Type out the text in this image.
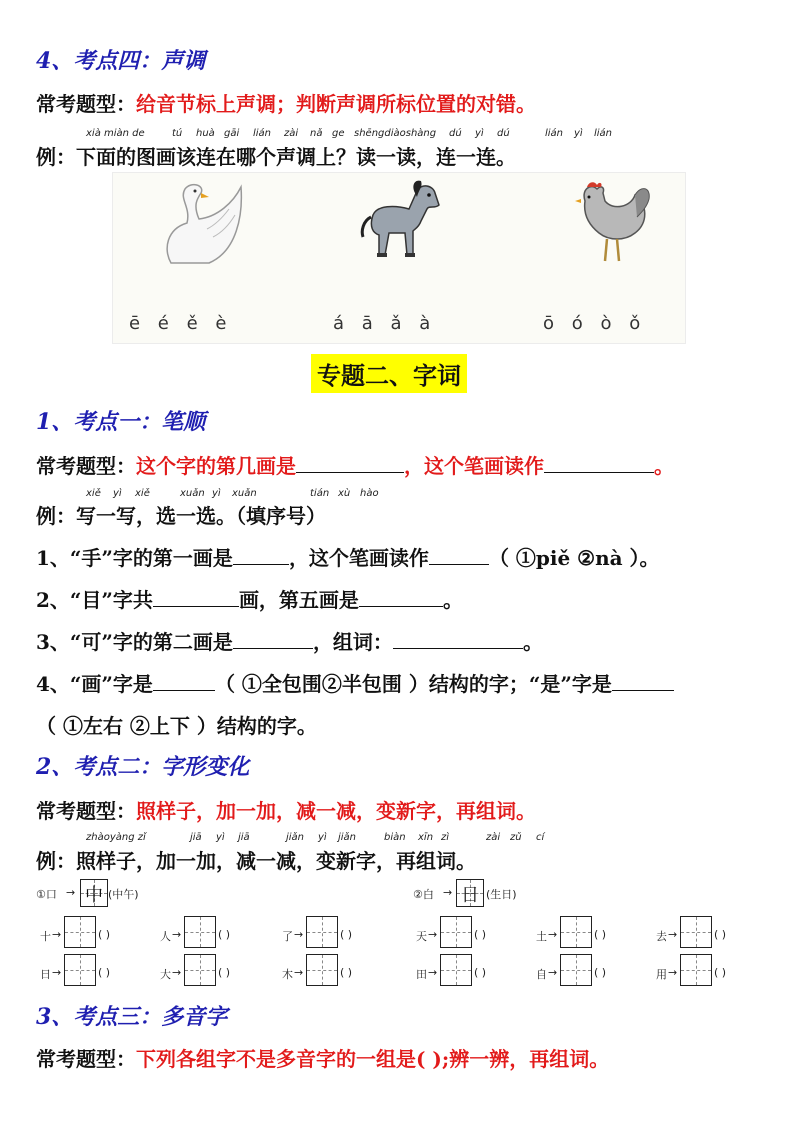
4、考点四：声调
常考题型：给音节标上声调；判断声调所标位置的对错。
xià miàn de	tú huà gāi lián zài nǎ ge shēngdiàoshàng dú yì dú	lián yì lián
例：下面的图画该连在哪个声调上？读一读，连一连。
ē é ě è	á ā ǎ à	ō ó ò ǒ
专题二、字词
1、考点一：笔顺
常考题型：这个字的第几画是	，这个笔画读作	。
xiě yì xiě	xuǎn yì xuǎn	tián xù hào
例：写一写，选一选。（填序号）
1、“手”字的第一画是	，这个笔画读作	（ ①piě ②nà ）。
2、“目”字共	画，第五画是	。
3、“可”字的第二画是	，组词：	。
4、“画”字是	（ ①全包围②半包围 ）结构的字；“是”字是
（ ①左右 ②上下 ）结构的字。
2、考点二：字形变化
常考题型：照样子，加一加，减一减，变新字，再组词。
zhàoyàng zǐ	jiā yì jiā	jiǎn yì jiǎn	biàn xīn zì	zài zǔ cí
例：照样子，加一加，减一减，变新字，再组词。
①口 → 中 (中午)	②白 → 日 (生日)
十 →	( )	人 →	( )	了 →	( )
日 →	( )	大 →	( )	木 →	( )
天 →	( )	土 →	( )	去 →	( )
田 →	( )	自 →	( )	用 →	( )
3、考点三：多音字
常考题型：下列各组字不是多音字的一组是( );辨一辨，再组词。
